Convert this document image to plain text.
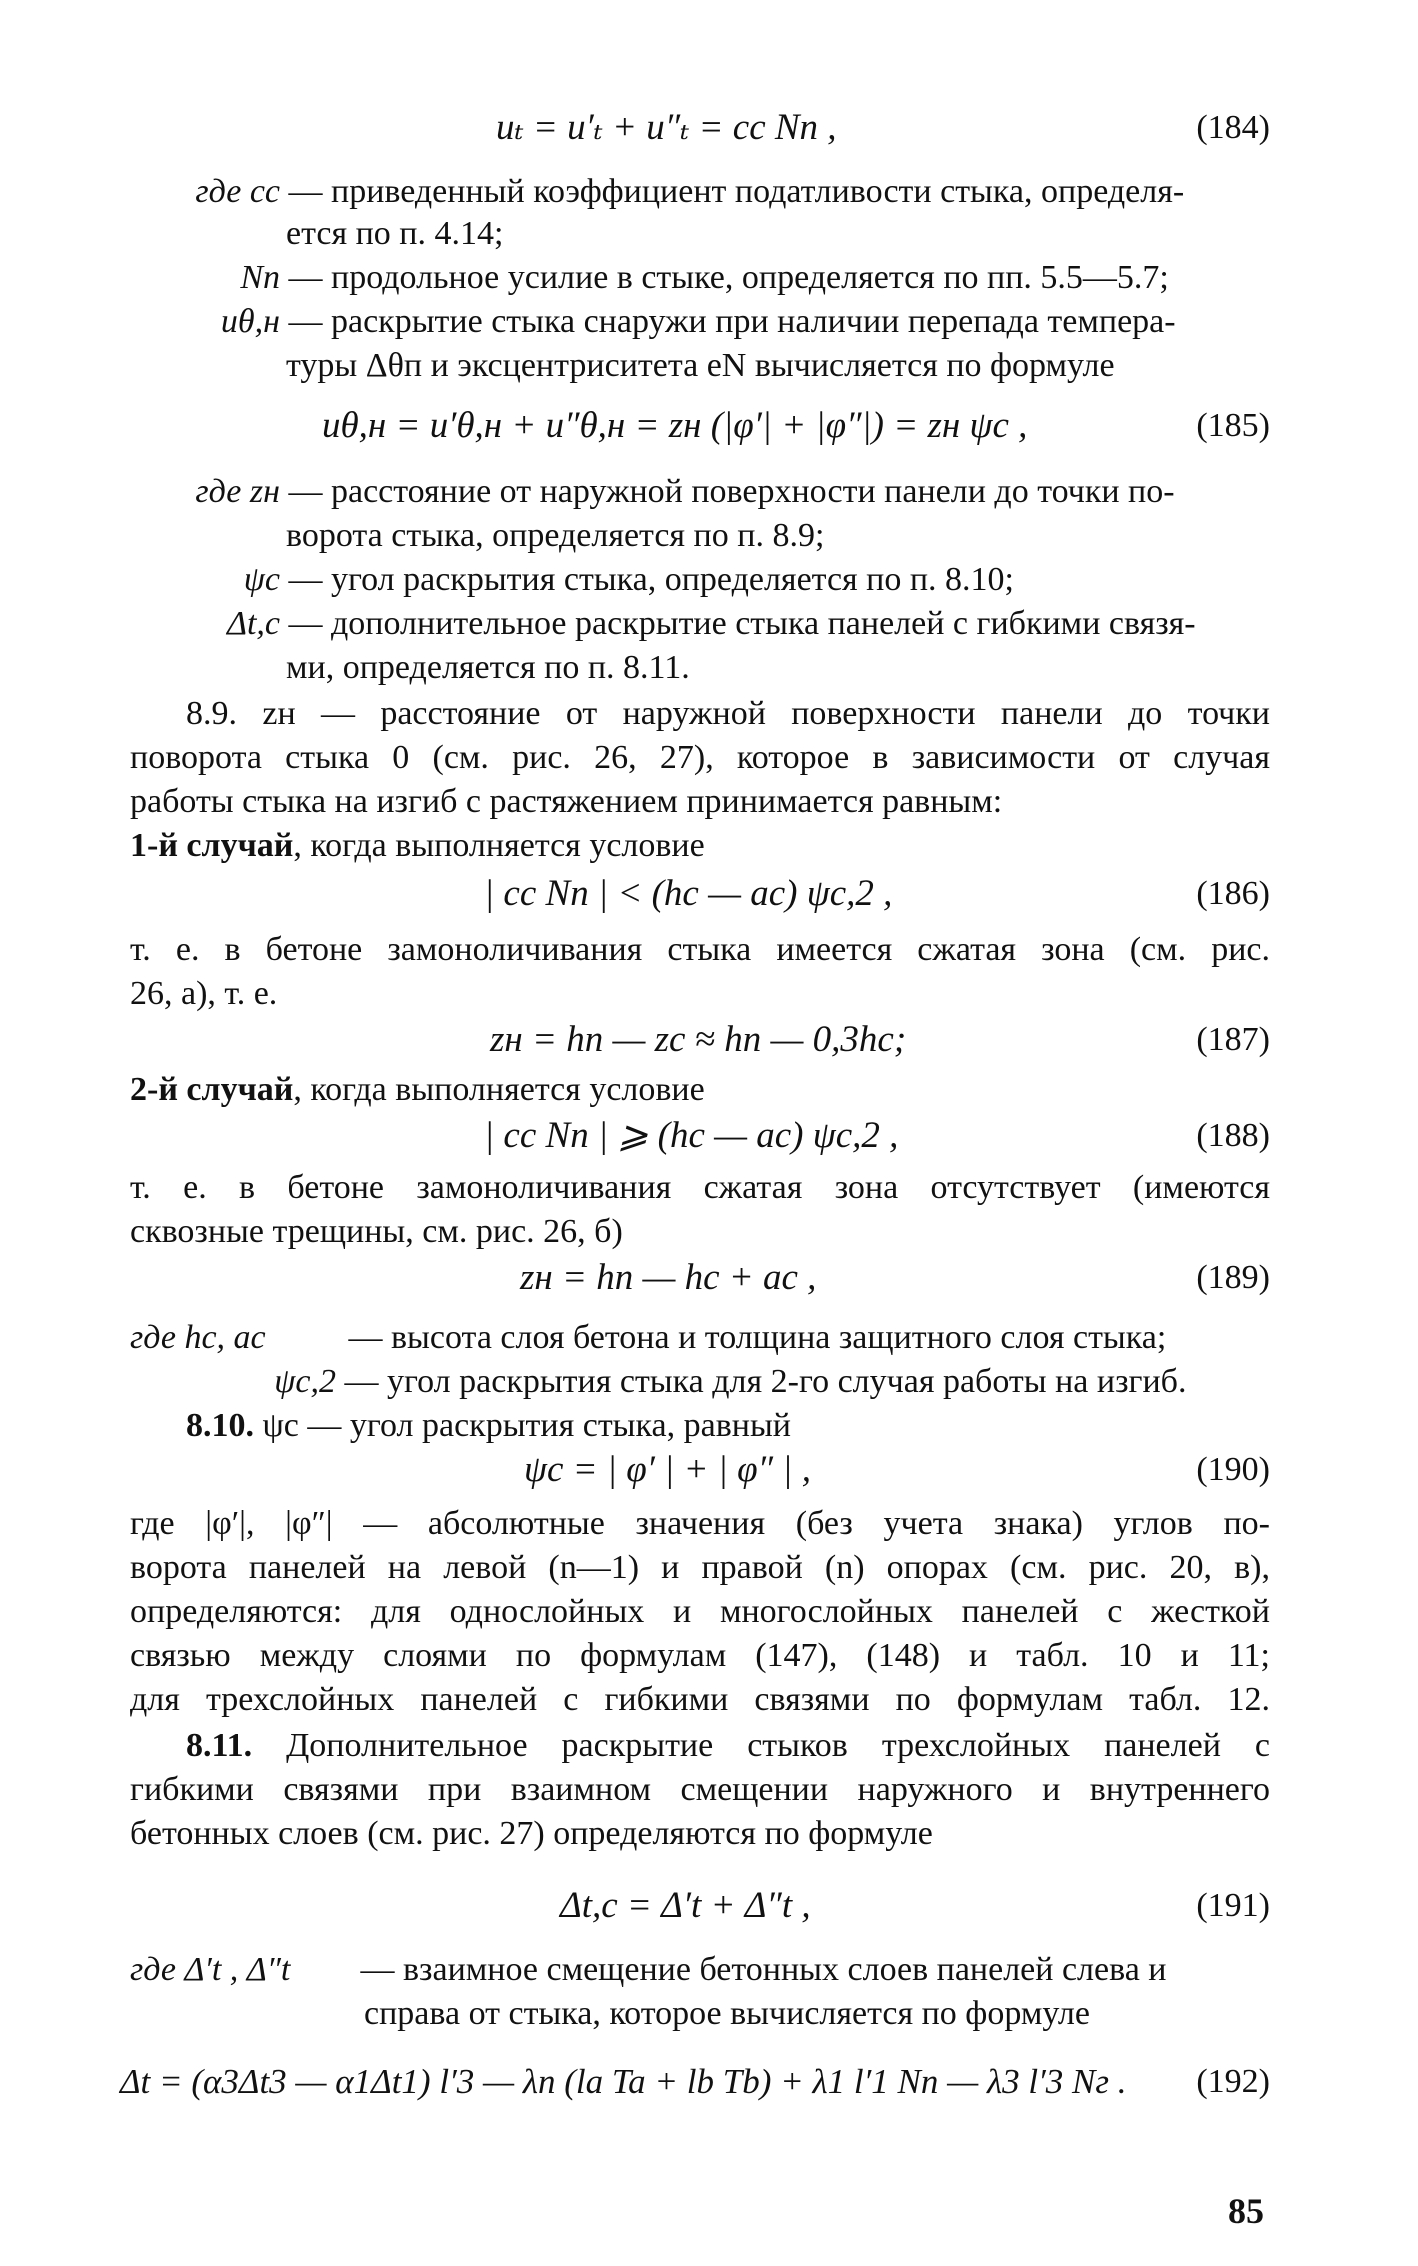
uₜ = u′ₜ + u″ₜ = cс Nп ,	(184)
где cс — приведенный коэффициент податливости стыка, определя-
ется по п. 4.14;
Nп — продольное усилие в стыке, определяется по пп. 5.5—5.7;
uθ,н — раскрытие стыка снаружи при наличии перепада темпера-
туры Δθп и эксцентриситета eN вычисляется по формуле
uθ,н = u′θ,н + u″θ,н = zн (|φ′| + |φ″|) = zн ψс ,	(185)
где zн — расстояние от наружной поверхности панели до точки по-
ворота стыка, определяется по п. 8.9;
ψс — угол раскрытия стыка, определяется по п. 8.10;
Δt,с — дополнительное раскрытие стыка панелей с гибкими связя-
ми, определяется по п. 8.11.
8.9. zн — расстояние от наружной поверхности панели до точки
поворота стыка 0 (см. рис. 26, 27), которое в зависимости от случая
работы стыка на изгиб с растяжением принимается равным:
1-й случай, когда выполняется условие
| cс Nп | < (hс — aс) ψс,2 ,	(186)
т. е. в бетоне замоноличивания стыка имеется сжатая зона (см. рис.
26, а), т. е.
zн = hп — zс ≈ hп — 0,3hс;	(187)
2-й случай, когда выполняется условие
| cс Nп | ⩾ (hс — aс) ψс,2 ,	(188)
т. е. в бетоне замоноличивания сжатая зона отсутствует (имеются
сквозные трещины, см. рис. 26, б)
zн = hп — hс + aс ,	(189)
где hс, aс — высота слоя бетона и толщина защитного слоя стыка;
ψс,2 — угол раскрытия стыка для 2-го случая работы на изгиб.
8.10. ψс — угол раскрытия стыка, равный
ψс = | φ′ | + | φ″ | ,	(190)
где |φ′|, |φ″| — абсолютные значения (без учета знака) углов по-
ворота панелей на левой (n—1) и правой (n) опорах (см. рис. 20, в),
определяются: для однослойных и многослойных панелей с жесткой
связью между слоями по формулам (147), (148) и табл. 10 и 11;
для трехслойных панелей с гибкими связями по формулам табл. 12.
8.11. Дополнительное раскрытие стыков трехслойных панелей с
гибкими связями при взаимном смещении наружного и внутреннего
бетонных слоев (см. рис. 27) определяются по формуле
Δt,с = Δ′t + Δ″t ,	(191)
где Δ′t , Δ″t — взаимное смещение бетонных слоев панелей слева и
справа от стыка, которое вычисляется по формуле
Δt = (α3Δt3 — α1Δt1) l′3 — λп (la Ta + lb Tb) + λ1 l′1 Nп — λ3 l′3 Nг . (192)
85
